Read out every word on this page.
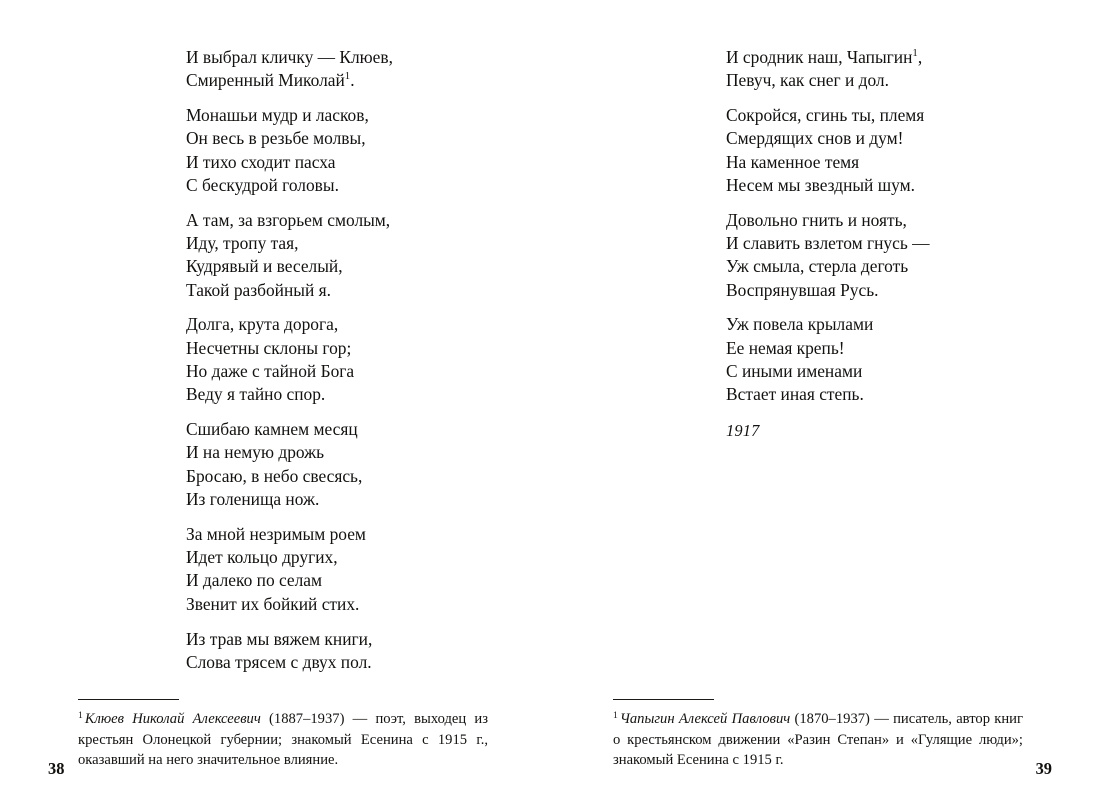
И выбрал кличку — Клюев,
Смиренный Миколай$^1$.
Монашьи мудр и ласков,
Он весь в резьбе молвы,
И тихо сходит пасха
С бескудрой головы.
А там, за взгорьем смолым,
Иду, тропу тая,
Кудрявый и веселый,
Такой разбойный я.
Долга, крута дорога,
Несчетны склоны гор;
Но даже с тайной Бога
Веду я тайно спор.
Сшибаю камнем месяц
И на немую дрожь
Бросаю, в небо свесясь,
Из голенища нож.
За мной незримым роем
Идет кольцо других,
И далеко по селам
Звенит их бойкий стих.
Из трав мы вяжем книги,
Слова трясем с двух пол.

$^1$ Клюев Николай Алексеевич (1887–1937) — поэт, выходец из крестьян Олонецкой губернии; знакомый Есенина с 1915 г., оказавший на него значительное влияние.

38
И сродник наш, Чапыгин$^1$,
Певуч, как снег и дол.
Сокройся, сгинь ты, племя
Смердящих снов и дум!
На каменное темя
Несем мы звездный шум.
Довольно гнить и ноять,
И славить взлетом гнусь —
Уж смыла, стерла деготь
Воспрянувшая Русь.
Уж повела крылами
Ее немая крепь!
С иными именами
Встает иная степь.
1917

$^1$ Чапыгин Алексей Павлович (1870–1937) — писатель, автор книг о крестьянском движении «Разин Степан» и «Гулящие люди»; знакомый Есенина с 1915 г.	39
